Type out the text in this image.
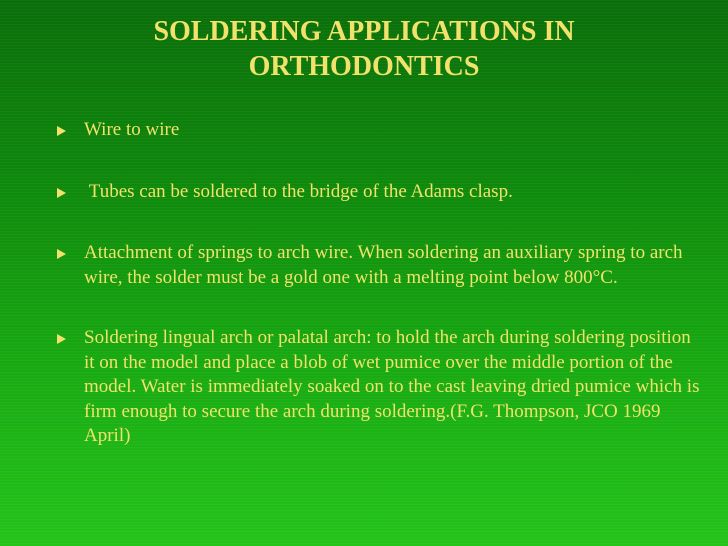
SOLDERING APPLICATIONS IN ORTHODONTICS
Wire to wire
Tubes can be soldered to the bridge of the Adams clasp.
Attachment of springs to arch wire. When soldering an auxiliary spring to arch wire, the solder must be a gold one with a melting point below 800°C.
Soldering lingual arch or palatal arch: to hold the arch during soldering position it on the model and place a blob of wet pumice over the middle portion of the model. Water is immediately soaked on to the cast leaving dried pumice which is firm enough to secure the arch during soldering.(F.G. Thompson, JCO 1969 April)
